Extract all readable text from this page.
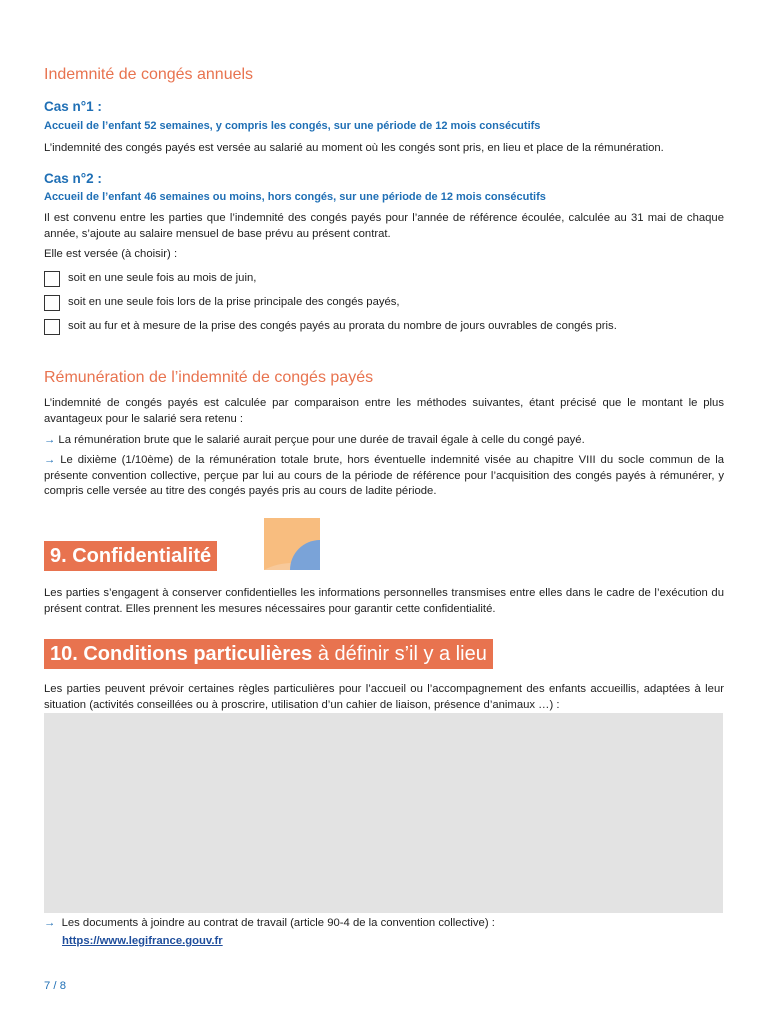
Indemnité de congés annuels
Cas n°1 :
Accueil de l’enfant 52 semaines, y compris les congés, sur une période de 12 mois consécutifs
L’indemnité des congés payés est versée au salarié au moment où les congés sont pris, en lieu et place de la rémunération.
Cas n°2 :
Accueil de l’enfant 46 semaines ou moins, hors congés, sur une période de 12 mois consécutifs
Il est convenu entre les parties que l’indemnité des congés payés pour l’année de référence écoulée, calculée au 31 mai de chaque année, s’ajoute au salaire mensuel de base prévu au présent contrat.
Elle est versée (à choisir) :
soit en une seule fois au mois de juin,
soit en une seule fois lors de la prise principale des congés payés,
soit au fur et à mesure de la prise des congés payés au prorata du nombre de jours ouvrables de congés pris.
Rémunération de l’indemnité de congés payés
L’indemnité de congés payés est calculée par comparaison entre les méthodes suivantes, étant précisé que le montant le plus avantageux pour le salarié sera retenu :
→ La rémunération brute que le salarié aurait perçue pour une durée de travail égale à celle du congé payé.
→ Le dixième (1/10ème) de la rémunération totale brute, hors éventuelle indemnité visée au chapitre VIII du socle commun de la présente convention collective, perçue par lui au cours de la période de référence pour l’acquisition des congés payés à rémunérer, y compris celle versée au titre des congés payés pris au cours de ladite période.
9. Confidentialité
Les parties s’engagent à conserver confidentielles les informations personnelles transmises entre elles dans le cadre de l’exécution du présent contrat. Elles prennent les mesures nécessaires pour garantir cette confidentialité.
10. Conditions particulières à définir s’il y a lieu
Les parties peuvent prévoir certaines règles particulières pour l’accueil ou l’accompagnement des enfants accueillis, adaptées à leur situation (activités conseillées ou à proscrire, utilisation d’un cahier de liaison, présence d’animaux …) :
→ Les documents à joindre au contrat de travail (article 90-4 de la convention collective) :
https://www.legifrance.gouv.fr
7 / 8
